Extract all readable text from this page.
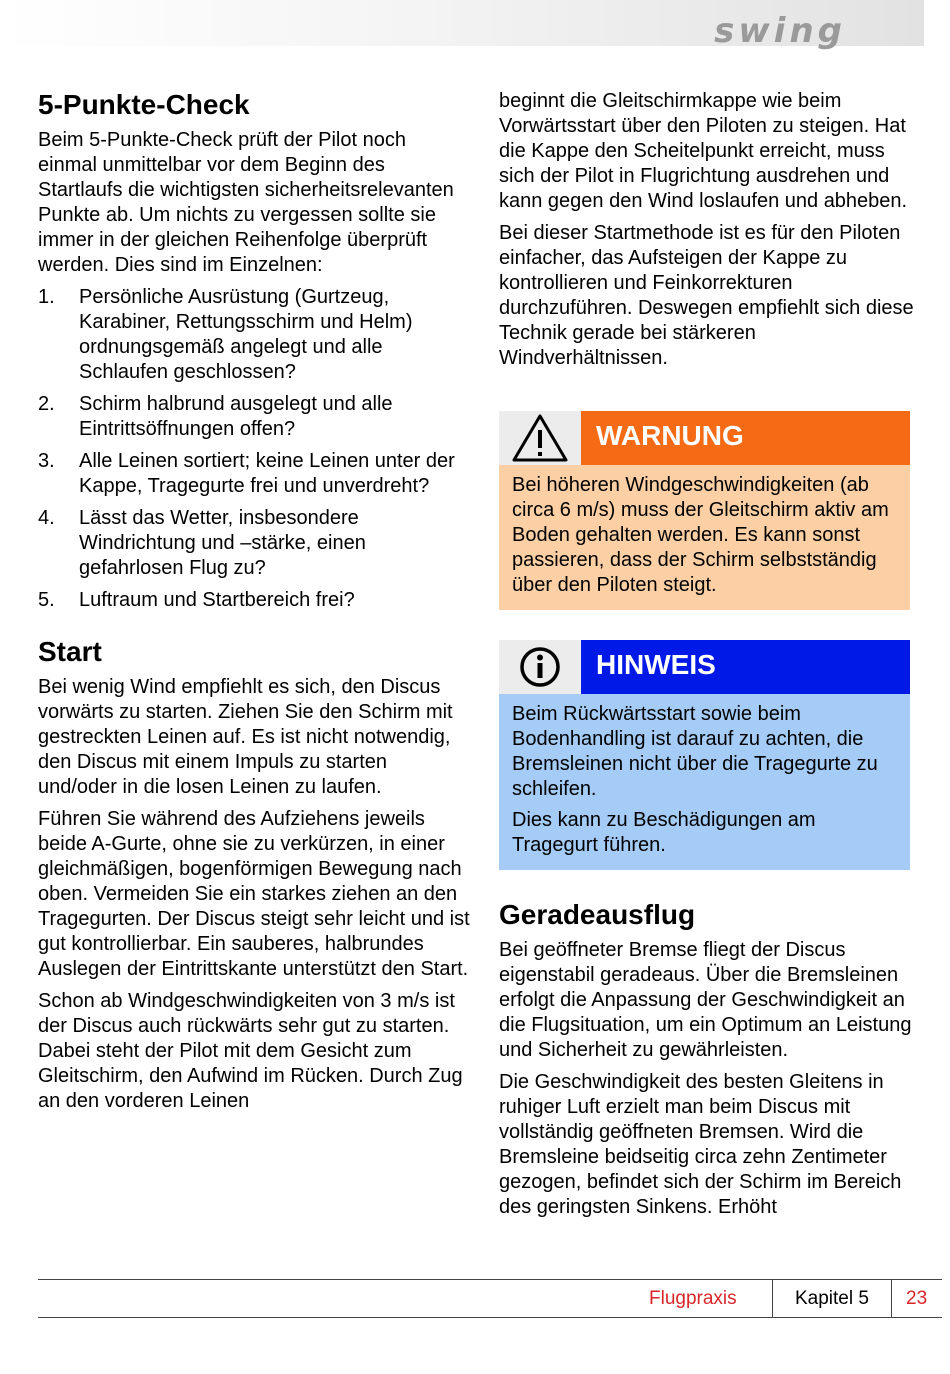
swing
5-Punkte-Check

Beim 5-Punkte-Check prüft der Pilot noch einmal unmittelbar vor dem Beginn des Startlaufs die wichtigsten sicherheitsrelevanten Punkte ab. Um nichts zu vergessen sollte sie immer in der gleichen Reihenfolge überprüft werden. Dies sind im Einzelnen:

1.	Persönliche Ausrüstung (Gurtzeug, Karabiner, Rettungsschirm und Helm) ordnungsgemäß angelegt und alle Schlaufen geschlossen?
2.	Schirm halbrund ausgelegt und alle Eintrittsöffnungen offen?
3.	Alle Leinen sortiert; keine Leinen unter der Kappe, Tragegurte frei und unverdreht?
4.	Lässt das Wetter, insbesondere Windrichtung und –stärke, einen gefahrlosen Flug zu?
5.	Luftraum und Startbereich frei?
Start

Bei wenig Wind empfiehlt es sich, den Discus vorwärts zu starten. Ziehen Sie den Schirm mit gestreckten Leinen auf. Es ist nicht notwendig, den Discus mit einem Impuls zu starten und/oder in die losen Leinen zu laufen.

Führen Sie während des Aufziehens jeweils beide A-Gurte, ohne sie zu verkürzen, in einer gleichmäßigen, bogenförmigen Bewegung nach oben. Vermeiden Sie ein starkes ziehen an den Tragegurten. Der Discus steigt sehr leicht und ist gut kontrollierbar. Ein sauberes, halbrundes Auslegen der Eintrittskante unterstützt den Start.

Schon ab Windgeschwindigkeiten von 3 m/s ist der Discus auch rückwärts sehr gut zu starten. Dabei steht der Pilot mit dem Gesicht zum Gleitschirm, den Aufwind im Rücken. Durch Zug an den vorderen Leinen

beginnt die Gleitschirmkappe wie beim Vorwärtsstart über den Piloten zu steigen. Hat die Kappe den Scheitelpunkt erreicht, muss sich der Pilot in Flugrichtung ausdrehen und kann gegen den Wind loslaufen und abheben.

Bei dieser Startmethode ist es für den Piloten einfacher, das Aufsteigen der Kappe zu kontrollieren und Feinkorrekturen durchzuführen. Deswegen empfiehlt sich diese Technik gerade bei stärkeren Windverhältnissen.

WARNUNG

Bei höheren Windgeschwindigkeiten (ab circa 6 m/s) muss der Gleitschirm aktiv am Boden gehalten werden. Es kann sonst passieren, dass der Schirm selbstständig über den Piloten steigt.

HINWEIS

Beim Rückwärtsstart sowie beim Bodenhandling ist darauf zu achten, die Bremsleinen nicht über die Tragegurte zu schleifen.

Dies kann zu Beschädigungen am Tragegurt führen.

Geradeausflug

Bei geöffneter Bremse fliegt der Discus eigenstabil geradeaus. Über die Bremsleinen erfolgt die Anpassung der Geschwindigkeit an die Flugsituation, um ein Optimum an Leistung und Sicherheit zu gewährleisten.

Die Geschwindigkeit des besten Gleitens in ruhiger Luft erzielt man beim Discus mit vollständig geöffneten Bremsen. Wird die Bremsleine beidseitig circa zehn Zentimeter gezogen, befindet sich der Schirm im Bereich des geringsten Sinkens. Erhöht

Flugpraxis	Kapitel 5 23
